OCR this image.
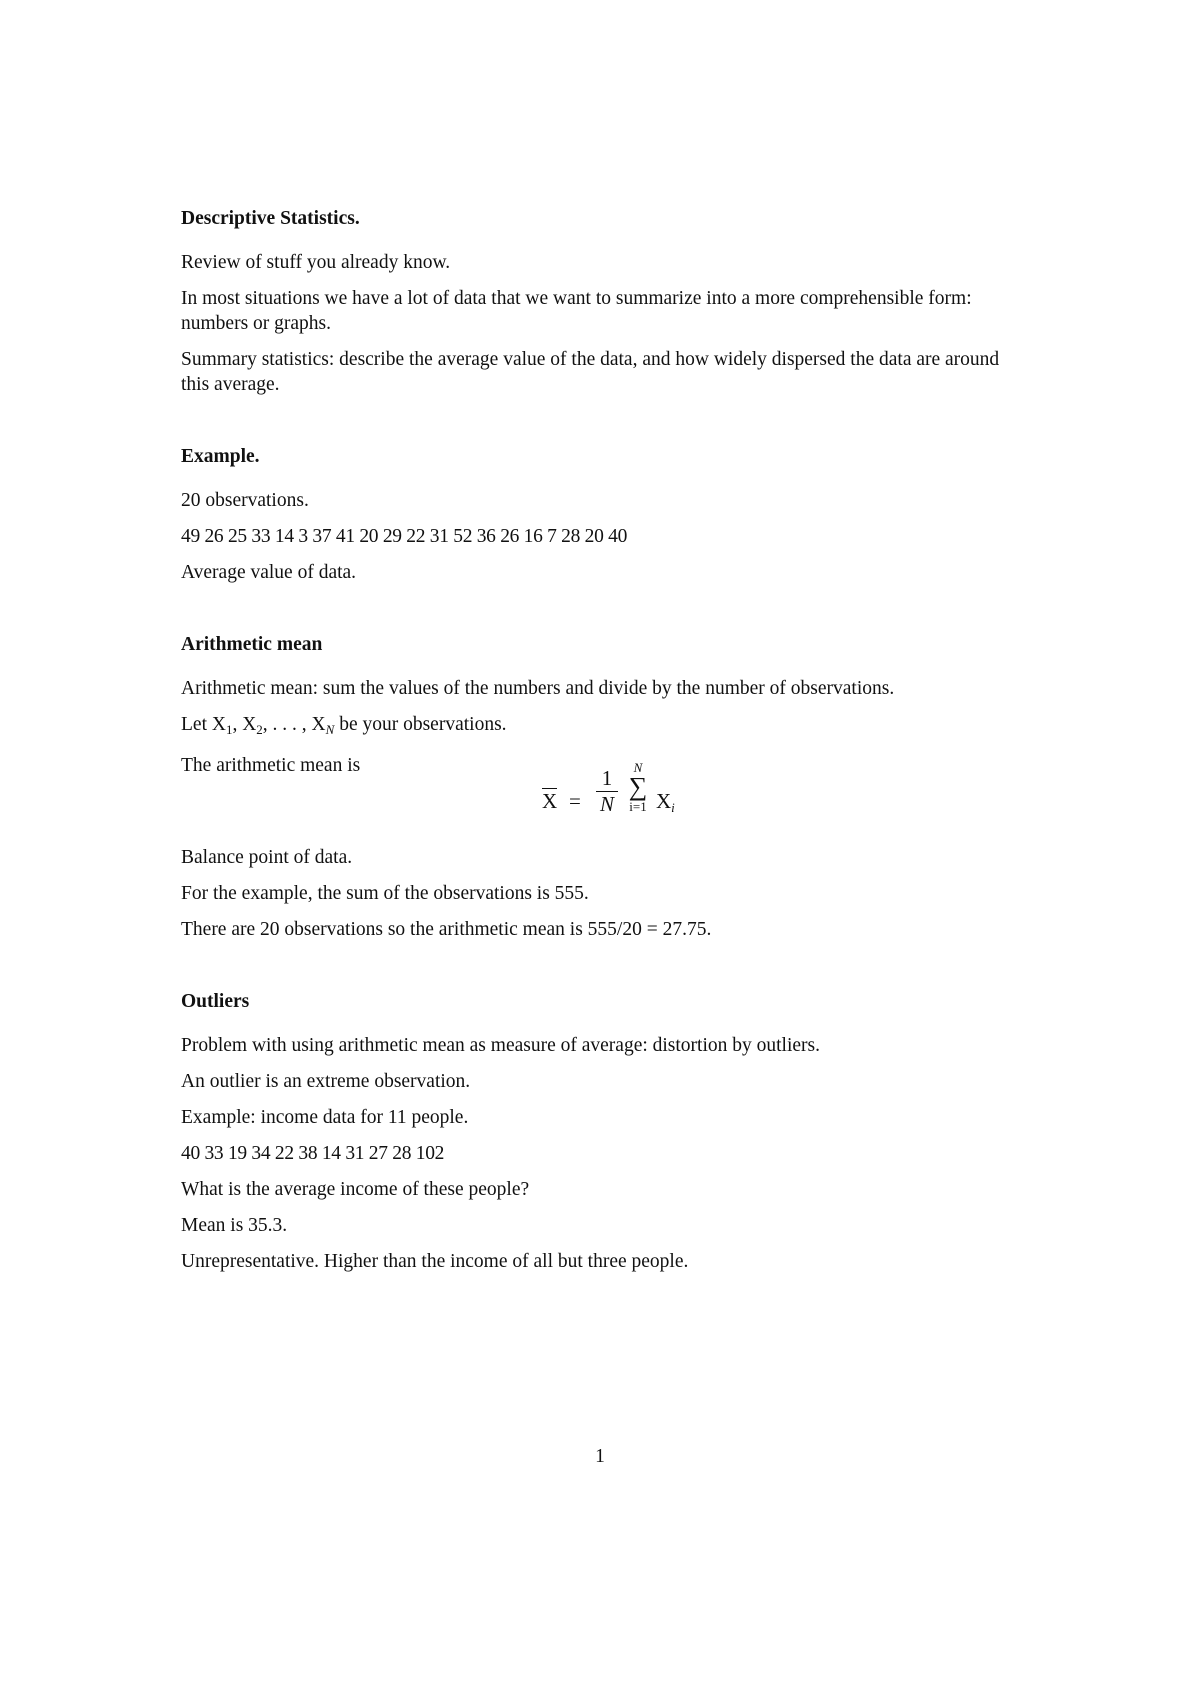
Descriptive Statistics.

Review of stuff you already know.

In most situations we have a lot of data that we want to summarize into a more comprehensible form: numbers or graphs.

Summary statistics: describe the average value of the data, and how widely dispersed the data are around this average.

Example.

20 observations.

49 26 25 33 14 3 37 41 20 29 22 31 52 36 26 16 7 28 20 40

Average value of data.

Arithmetic mean

Arithmetic mean: sum the values of the numbers and divide by the number of observations.

Let $X_1$, $X_2$, . . . , $X_N$ be your observations.

The arithmetic mean is
X =
1
N
N
∑
i=1 $X_i$

Balance point of data.

For the example, the sum of the observations is 555.

There are 20 observations so the arithmetic mean is 555/20 = 27.75.

Outliers

Problem with using arithmetic mean as measure of average: distortion by outliers.

An outlier is an extreme observation.

Example: income data for 11 people.

40 33 19 34 22 38 14 31 27 28 102

What is the average income of these people?

Mean is 35.3.

Unrepresentative. Higher than the income of all but three people.

1
